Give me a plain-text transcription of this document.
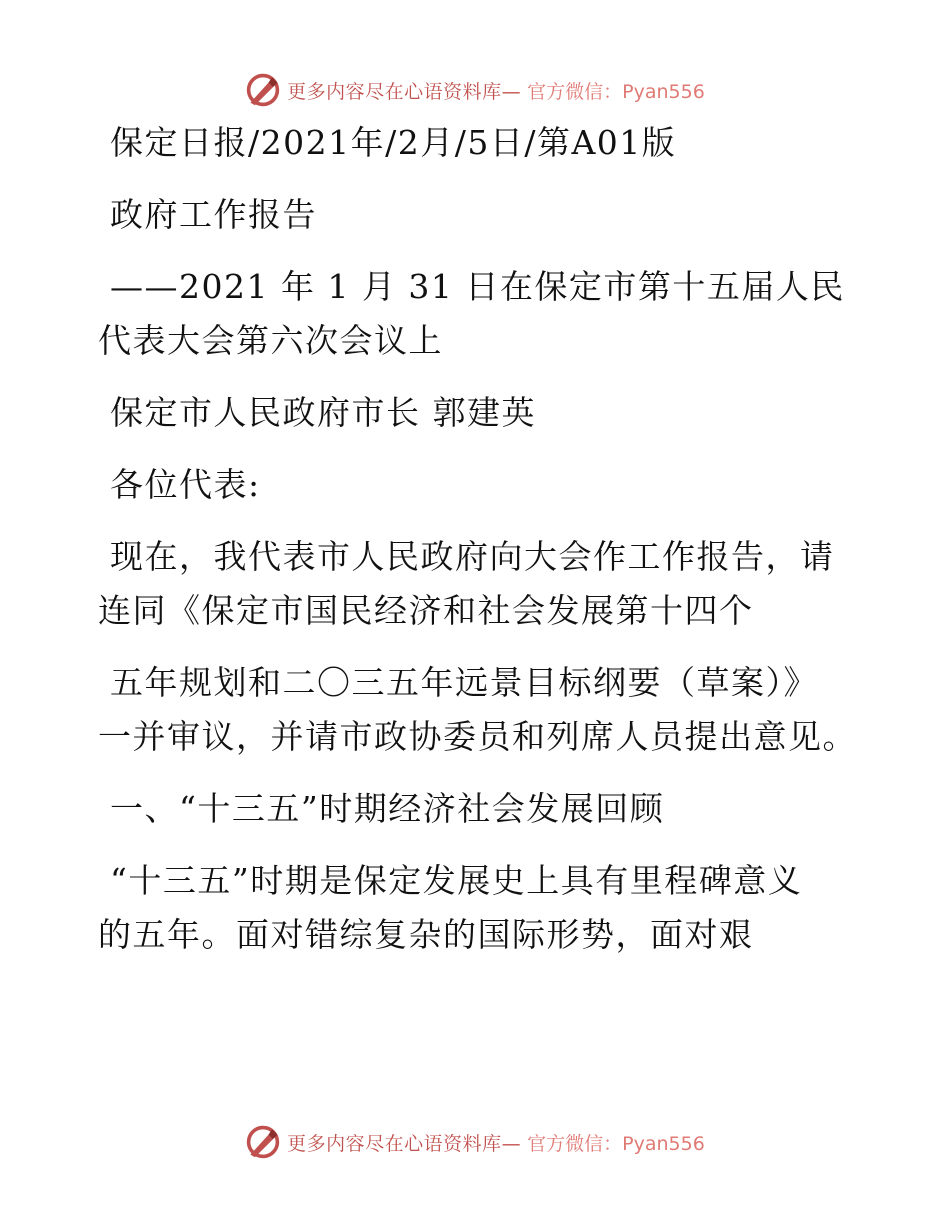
更多内容尽在心语资料库— 官方微信：Pyan556
保定日报/2021年/2月/5日/第A01版
政府工作报告
——2021 年 1 月 31 日在保定市第十五届人民
代表大会第六次会议上
保定市人民政府市长 郭建英
各位代表:
现在，我代表市人民政府向大会作工作报告，请
连同《保定市国民经济和社会发展第十四个
五年规划和二〇三五年远景目标纲要（草案）》
一并审议，并请市政协委员和列席人员提出意见。
一、“十三五”时期经济社会发展回顾
“十三五”时期是保定发展史上具有里程碑意义
的五年。面对错综复杂的国际形势，面对艰
更多内容尽在心语资料库— 官方微信：Pyan556
